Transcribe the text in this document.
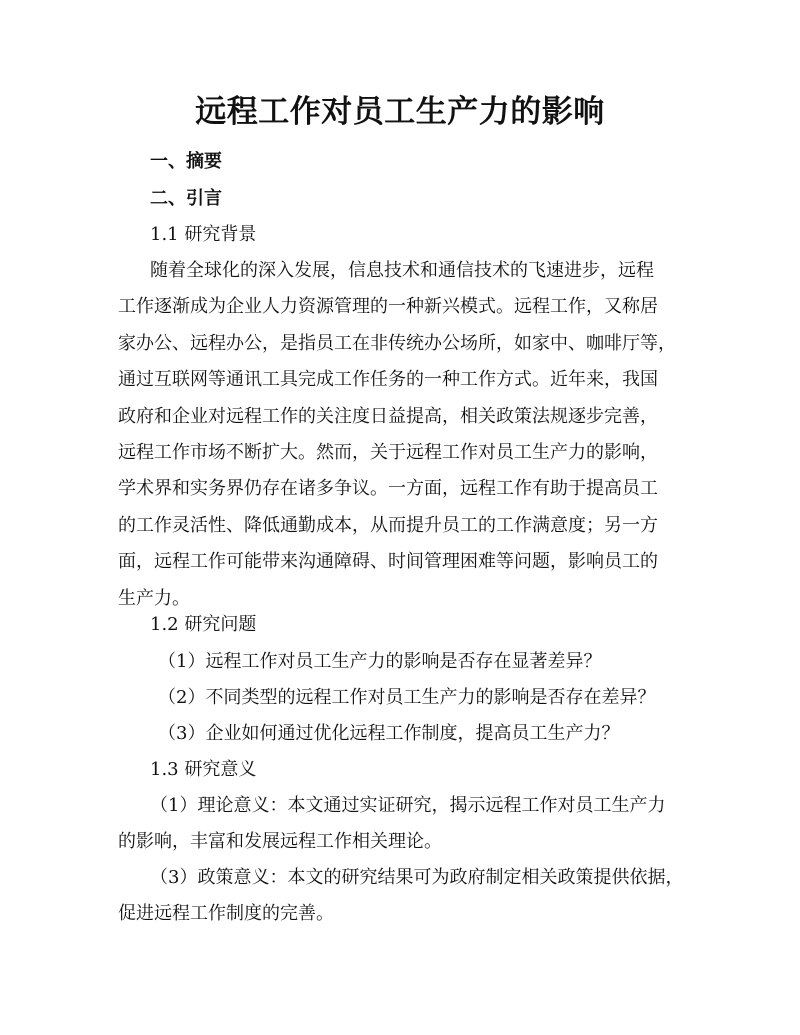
远程工作对员工生产力的影响
一、摘要
二、引言
1.1 研究背景
随着全球化的深入发展，信息技术和通信技术的飞速进步，远程
工作逐渐成为企业人力资源管理的一种新兴模式。远程工作，又称居
家办公、远程办公，是指员工在非传统办公场所，如家中、咖啡厅等，
通过互联网等通讯工具完成工作任务的一种工作方式。近年来，我国
政府和企业对远程工作的关注度日益提高，相关政策法规逐步完善，
远程工作市场不断扩大。然而，关于远程工作对员工生产力的影响，
学术界和实务界仍存在诸多争议。一方面，远程工作有助于提高员工
的工作灵活性、降低通勤成本，从而提升员工的工作满意度；另一方
面，远程工作可能带来沟通障碍、时间管理困难等问题，影响员工的
生产力。
1.2 研究问题
（1）远程工作对员工生产力的影响是否存在显著差异？
（2）不同类型的远程工作对员工生产力的影响是否存在差异？
（3）企业如何通过优化远程工作制度，提高员工生产力？
1.3 研究意义
（1）理论意义：本文通过实证研究，揭示远程工作对员工生产力
的影响，丰富和发展远程工作相关理论。
（3）政策意义：本文的研究结果可为政府制定相关政策提供依据，
促进远程工作制度的完善。
